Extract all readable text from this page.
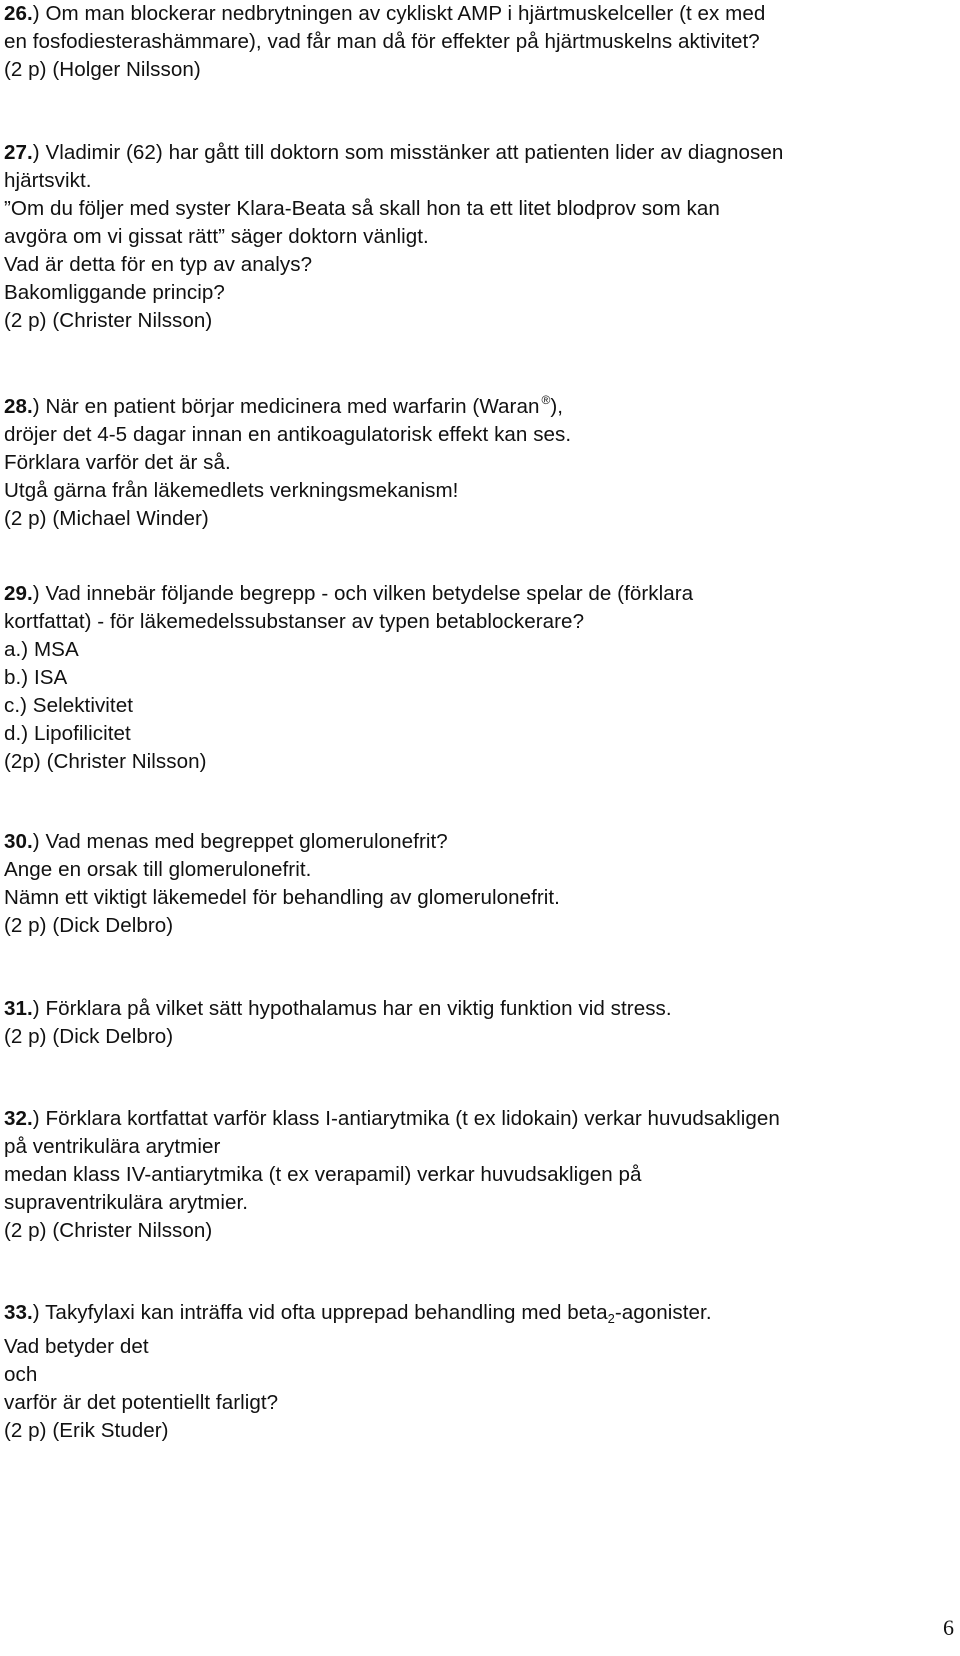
26.) Om man blockerar nedbrytningen av cykliskt AMP i hjärtmuskelceller (t ex med
en fosfodiesterashämmare), vad får man då för effekter på hjärtmuskelns aktivitet?
(2 p) (Holger Nilsson)
27.) Vladimir (62) har gått till doktorn som misstänker att patienten lider av diagnosen
hjärtsvikt.
”Om du följer med syster Klara-Beata så skall hon ta ett litet blodprov som kan
avgöra om vi gissat rätt” säger doktorn vänligt.
Vad är detta för en typ av analys?
Bakomliggande princip?
(2 p) (Christer Nilsson)
28.) När en patient börjar medicinera med warfarin (Waran ®),
dröjer det 4-5 dagar innan en antikoagulatorisk effekt kan ses.
Förklara varför det är så.
Utgå gärna från läkemedlets verkningsmekanism!
(2 p) (Michael Winder)
29.) Vad innebär följande begrepp - och vilken betydelse spelar de (förklara
kortfattat) - för läkemedelssubstanser av typen betablockerare?
a.) MSA
b.) ISA
c.) Selektivitet
d.) Lipofilicitet
(2p) (Christer Nilsson)
30.) Vad menas med begreppet glomerulonefrit?
Ange en orsak till glomerulonefrit.
Nämn ett viktigt läkemedel för behandling av glomerulonefrit.
(2 p) (Dick Delbro)
31.) Förklara på vilket sätt hypothalamus har en viktig funktion vid stress.
(2 p) (Dick Delbro)
32.) Förklara kortfattat varför klass I-antiarytmika (t ex lidokain) verkar huvudsakligen
på ventrikulära arytmier
medan klass IV-antiarytmika (t ex verapamil) verkar huvudsakligen på
supraventrikulära arytmier.
(2 p) (Christer Nilsson)
33.) Takyfylaxi kan inträffa vid ofta upprepad behandling med beta$_2$-agonister.
Vad betyder det
och
varför är det potentiellt farligt?
(2 p) (Erik Studer)
6
